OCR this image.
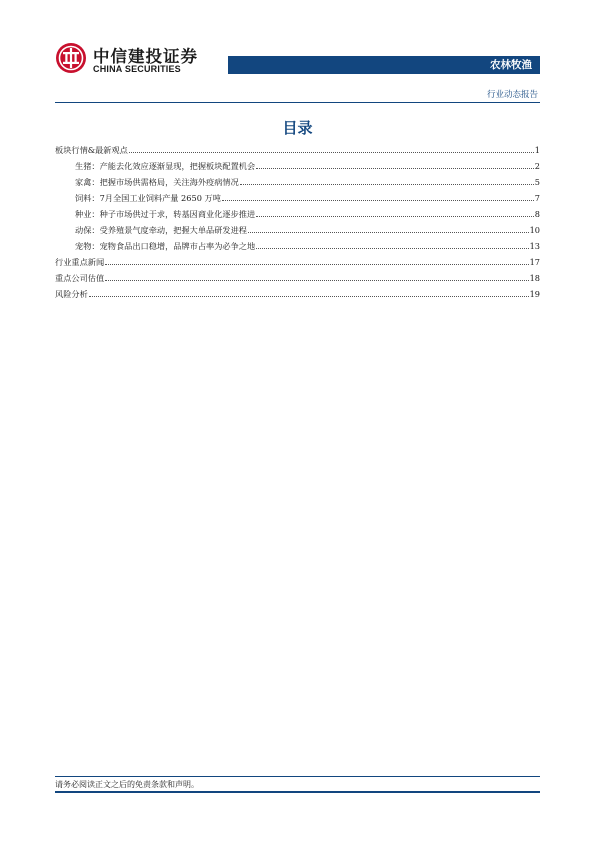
中信建投证券
CHINA SECURITIES	农林牧渔
行业动态报告
目录
板块行情&最新观点	1
生猪：产能去化效应逐渐显现，把握板块配置机会	2
家禽：把握市场供需格局，关注海外疫病情况	5
饲料：7月全国工业饲料产量 2650 万吨	7
种业：种子市场供过于求，转基因商业化逐步推进	8
动保：受养殖景气度牵动，把握大单品研发进程	10
宠物：宠物食品出口稳增，品牌市占率为必争之地	13
行业重点新闻	17
重点公司估值	18
风险分析	19
请务必阅读正文之后的免责条款和声明。
